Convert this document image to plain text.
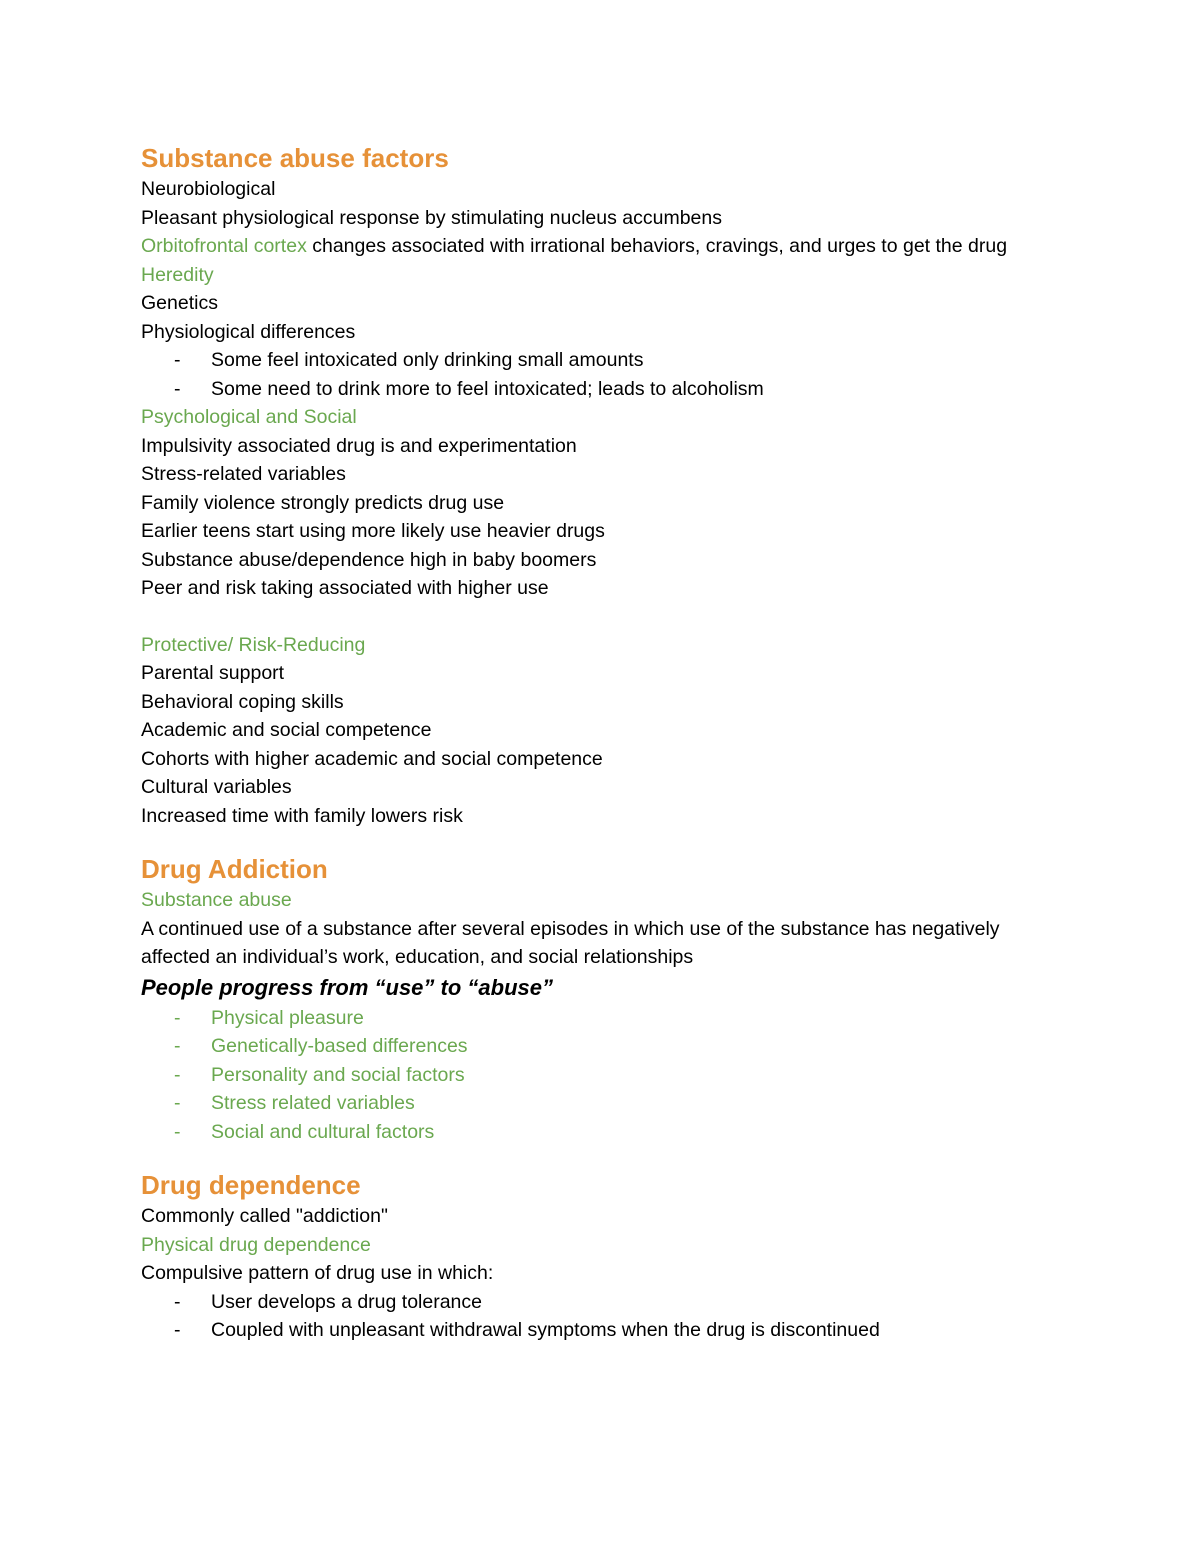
Substance abuse factors
Neurobiological
Pleasant physiological response by stimulating nucleus accumbens
Orbitofrontal cortex changes associated with irrational behaviors, cravings, and urges to get the drug
Heredity
Genetics
Physiological differences
- Some feel intoxicated only drinking small amounts
- Some need to drink more to feel intoxicated; leads to alcoholism
Psychological and Social
Impulsivity associated drug is and experimentation
Stress-related variables
Family violence strongly predicts drug use
Earlier teens start using more likely use heavier drugs
Substance abuse/dependence high in baby boomers
Peer and risk taking associated with higher use
Protective/ Risk-Reducing
Parental support
Behavioral coping skills
Academic and social competence
Cohorts with higher academic and social competence
Cultural variables
Increased time with family lowers risk
Drug Addiction
Substance abuse
A continued use of a substance after several episodes in which use of the substance has negatively affected an individual’s work, education, and social relationships
People progress from “use” to “abuse”
- Physical pleasure
- Genetically-based differences
- Personality and social factors
- Stress related variables
- Social and cultural factors
Drug dependence
Commonly called "addiction"
Physical drug dependence
Compulsive pattern of drug use in which:
- User develops a drug tolerance
- Coupled with unpleasant withdrawal symptoms when the drug is discontinued
